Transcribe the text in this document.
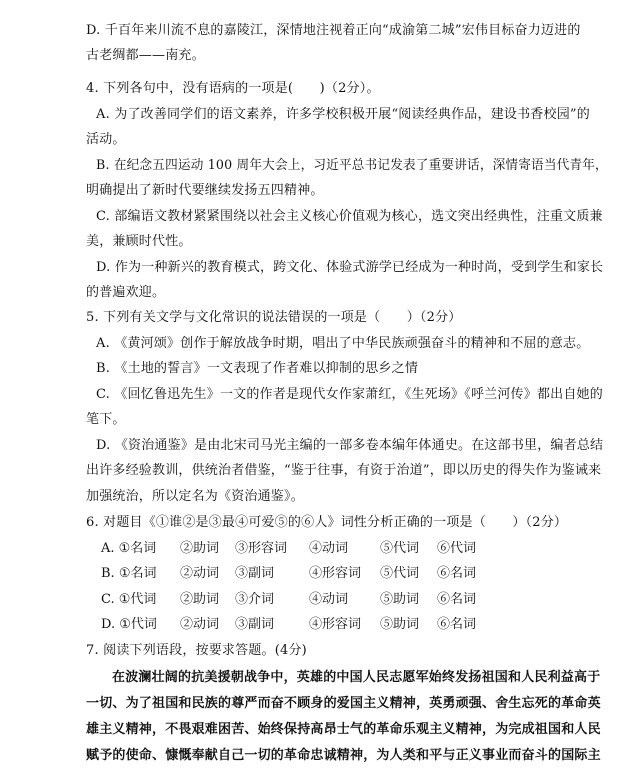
D. 千百年来川流不息的嘉陵江，深情地注视着正向“成渝第二城”宏伟目标奋力迈进的
古老绸都——南充。
4. 下列各句中，没有语病的一项是(　　)（2分）。
A. 为了改善同学们的语文素养，许多学校积极开展“阅读经典作品，建设书香校园”的
活动。
B. 在纪念五四运动 100 周年大会上，习近平总书记发表了重要讲话，深情寄语当代青年，
明确提出了新时代要继续发扬五四精神。
C. 部编语文教材紧紧围绕以社会主义核心价值观为核心，选文突出经典性，注重文质兼
美，兼顾时代性。
D. 作为一种新兴的教育模式，跨文化、体验式游学已经成为一种时尚，受到学生和家长
的普遍欢迎。
5. 下列有关文学与文化常识的说法错误的一项是（　　）（2分）
A. 《黄河颂》创作于解放战争时期，唱出了中华民族顽强奋斗的精神和不屈的意志。
B. 《土地的誓言》一文表现了作者难以抑制的思乡之情
C. 《回忆鲁迅先生》一文的作者是现代女作家萧红，《生死场》《呼兰河传》都出自她的
笔下。
D. 《资治通鉴》是由北宋司马光主编的一部多卷本编年体通史。在这部书里，编者总结
出许多经验教训，供统治者借鉴，“鉴于往事，有资于治道”，即以历史的得失作为鉴诫来
加强统治，所以定名为《资治通鉴》。
6. 对题目《①谁②是③最④可爱⑤的⑥人》词性分析正确的一项是（　　）（2分）
A. ①名词 ②助词 ③形容词 ④动词 ⑤代词 ⑥代词
B. ①名词 ②动词 ③副词	④形容词 ⑤代词 ⑥名词
C. ①代词 ②助词 ③介词	④动词 ⑤助词 ⑥名词
D. ①代词 ②动词 ③副词	④形容词 ⑤助词 ⑥名词
7. 阅读下列语段，按要求答题。(4分)
在波澜壮阔的抗美援朝战争中，英雄的中国人民志愿军始终发扬祖国和人民利益高于
一切、为了祖国和民族的尊严而奋不顾身的爱国主义精神，英勇顽强、舍生忘死的革命英
雄主义精神，不畏艰难困苦、始终保持高昂士气的革命乐观主义精神，为完成祖国和人民
赋予的使命、慷慨奉献自己一切的革命忠诚精神，为人类和平与正义事业而奋斗的国际主
